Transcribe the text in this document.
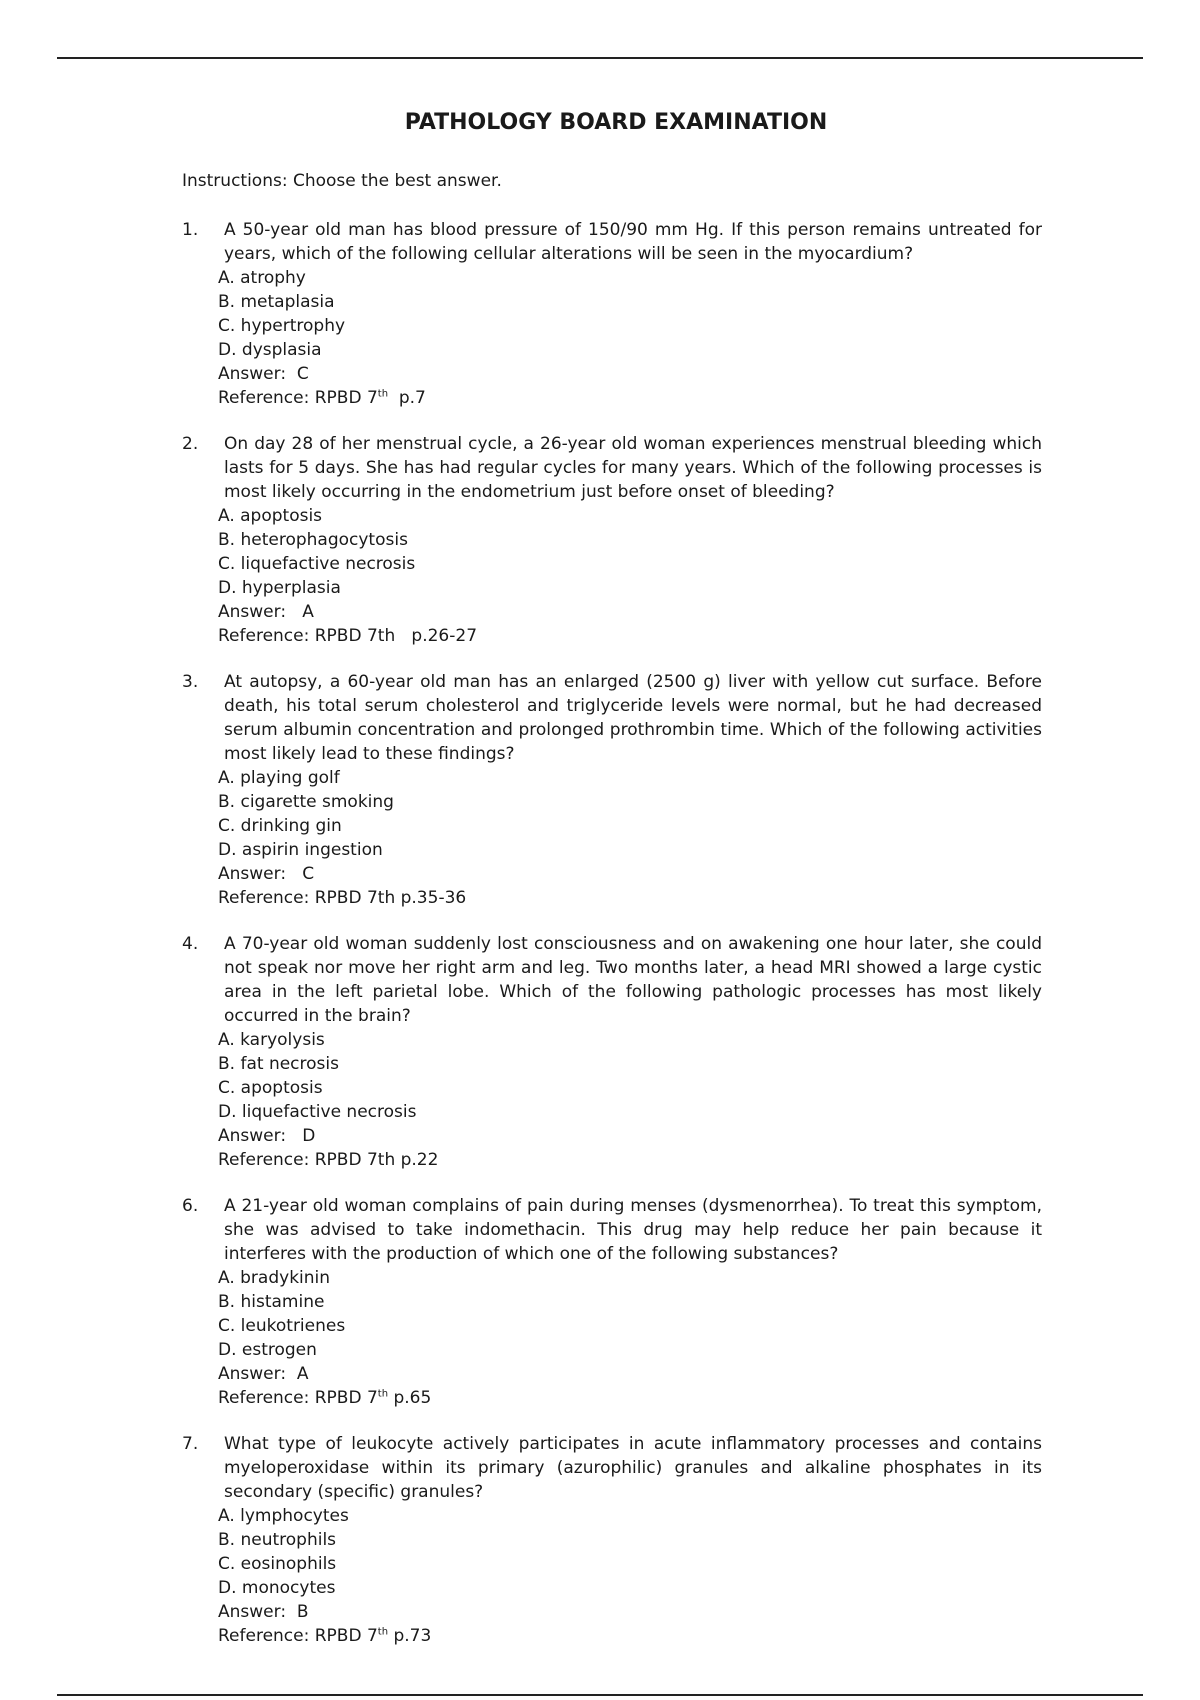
PATHOLOGY BOARD EXAMINATION
Instructions: Choose the best answer.
1.	A 50-year old man has blood pressure of 150/90 mm Hg. If this person remains untreated for years, which of the following cellular alterations will be seen in the myocardium?

A. atrophy
B. metaplasia
C. hypertrophy
D. dysplasia

Answer:  C

Reference: RPBD 7th  p.7

2.	On day 28 of her menstrual cycle, a 26-year old woman experiences menstrual bleeding which lasts for 5 days. She has had regular cycles for many years. Which of the following processes is most likely occurring in the endometrium just before onset of bleeding?

A. apoptosis
B. heterophagocytosis
C. liquefactive necrosis
D. hyperplasia

Answer:   A

Reference: RPBD 7th   p.26-27

3.	At autopsy, a 60-year old man has an enlarged (2500 g) liver with yellow cut surface. Before death, his total serum cholesterol and triglyceride levels were normal, but he had decreased serum albumin concentration and prolonged prothrombin time. Which of the following activities most likely lead to these findings?

A. playing golf
B. cigarette smoking
C. drinking gin
D. aspirin ingestion

Answer:   C

Reference: RPBD 7th p.35-36

4.	A 70-year old woman suddenly lost consciousness and on awakening one hour later, she could not speak nor move her right arm and leg. Two months later, a head MRI showed a large cystic area in the left parietal lobe. Which of the following pathologic processes has most likely occurred in the brain?

A. karyolysis
B. fat necrosis
C. apoptosis
D. liquefactive necrosis

Answer:   D

Reference: RPBD 7th p.22

6.	A 21-year old woman complains of pain during menses (dysmenorrhea). To treat this symptom, she was advised to take indomethacin. This drug may help reduce her pain because it interferes with the production of which one of the following substances?

A. bradykinin
B. histamine
C. leukotrienes
D. estrogen

Answer:  A

Reference: RPBD 7th p.65

7.	What type of leukocyte actively participates in acute inflammatory processes and contains myeloperoxidase within its primary (azurophilic) granules and alkaline phosphates in its secondary (specific) granules?

A. lymphocytes
B. neutrophils
C. eosinophils
D. monocytes

Answer:  B

Reference: RPBD 7th p.73
